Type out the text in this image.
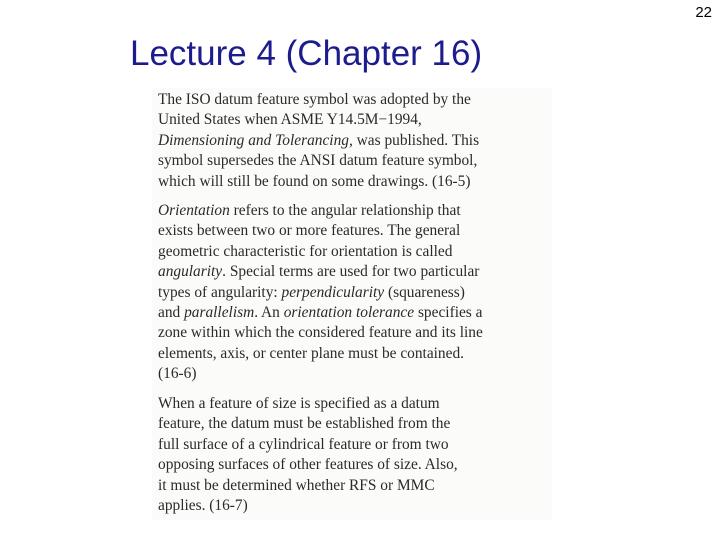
22
Lecture 4 (Chapter 16)

The ISO datum feature symbol was adopted by the
United States when ASME Y14.5M−1994,
Dimensioning and Tolerancing, was published. This
symbol supersedes the ANSI datum feature symbol,
which will still be found on some drawings. (16-5)

Orientation refers to the angular relationship that
exists between two or more features. The general
geometric characteristic for orientation is called
angularity. Special terms are used for two particular
types of angularity: perpendicularity (squareness)
and parallelism. An orientation tolerance specifies a
zone within which the considered feature and its line
elements, axis, or center plane must be contained.
(16-6)

When a feature of size is specified as a datum
feature, the datum must be established from the
full surface of a cylindrical feature or from two
opposing surfaces of other features of size. Also,
it must be determined whether RFS or MMC
applies. (16-7)
